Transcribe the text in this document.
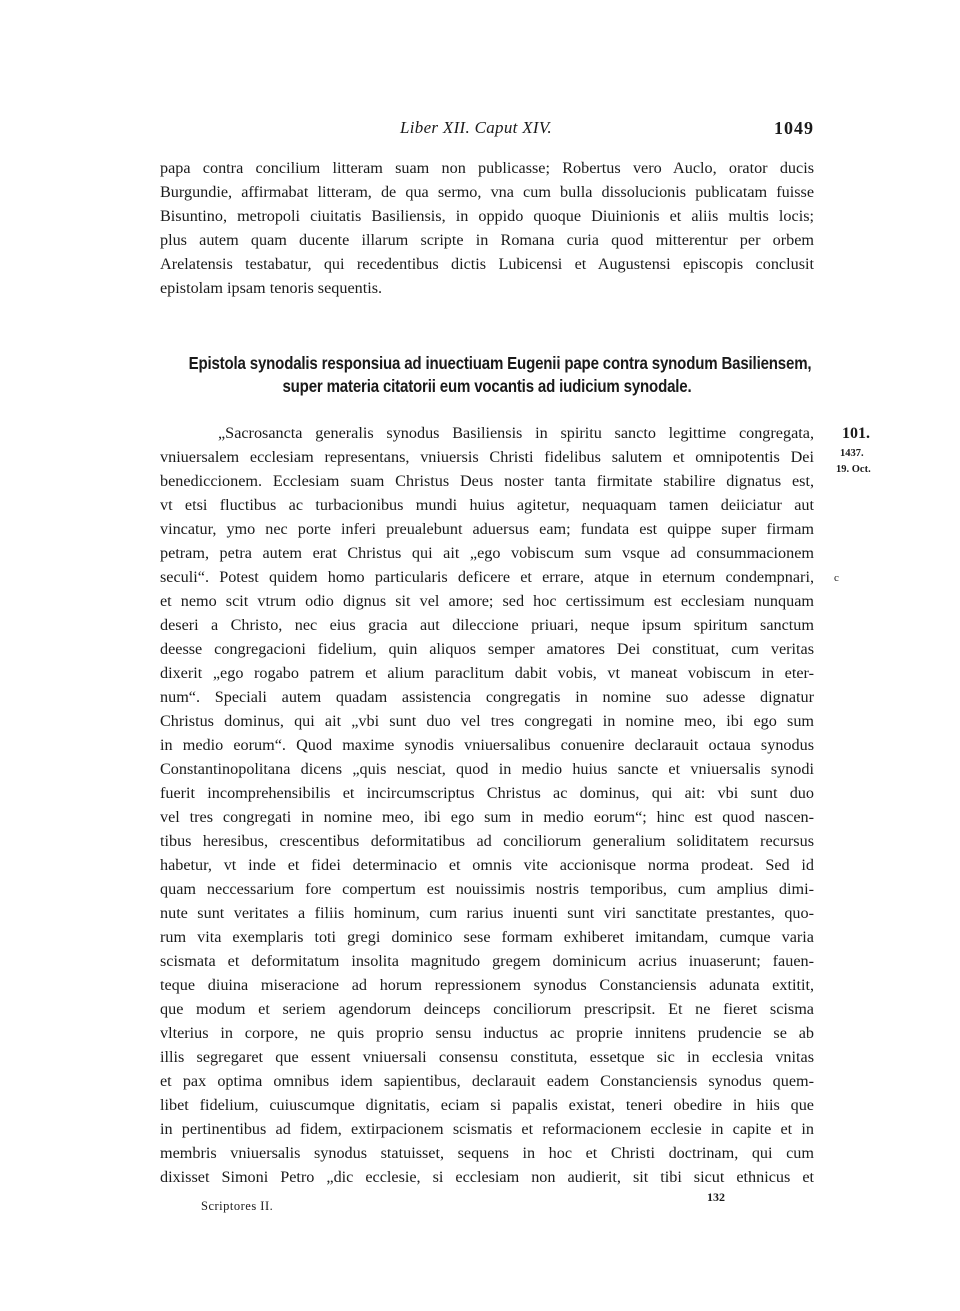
Liber XII. Caput XIV.	1049
papa contra concilium litteram suam non publicasse; Robertus vero Auclo, orator ducis
Burgundie, affirmabat litteram, de qua sermo, vna cum bulla dissolucionis publicatam fuisse
Bisuntino, metropoli ciuitatis Basiliensis, in oppido quoque Diuinionis et aliis multis locis;
plus autem quam ducente illarum scripte in Romana curia quod mitterentur per orbem
Arelatensis testabatur, qui recedentibus dictis Lubicensi et Augustensi episcopis conclusit
epistolam ipsam tenoris sequentis.
Epistola synodalis responsiua ad inuectiuam Eugenii pape contra synodum Basiliensem,
super materia citatorii eum vocantis ad iudicium synodale.
„Sacrosancta generalis synodus Basiliensis in spiritu sancto legittime congregata,
vniuersalem ecclesiam representans, vniuersis Christi fidelibus salutem et omnipotentis Dei
benediccionem. Ecclesiam suam Christus Deus noster tanta firmitate stabilire dignatus est,
vt etsi fluctibus ac turbacionibus mundi huius agitetur, nequaquam tamen deiiciatur aut
vincatur, ymo nec porte inferi preualebunt aduersus eam; fundata est quippe super firmam
petram, petra autem erat Christus qui ait „ego vobiscum sum vsque ad consummacionem
seculi“. Potest quidem homo particularis deficere et errare, atque in eternum condempnari,
et nemo scit vtrum odio dignus sit vel amore; sed hoc certissimum est ecclesiam nunquam
deseri a Christo, nec eius gracia aut dileccione priuari, neque ipsum spiritum sanctum
deesse congregacioni fidelium, quin aliquos semper amatores Dei constituat, cum veritas
dixerit „ego rogabo patrem et alium paraclitum dabit vobis, vt maneat vobiscum in eter-
num“. Speciali autem quadam assistencia congregatis in nomine suo adesse dignatur
Christus dominus, qui ait „vbi sunt duo vel tres congregati in nomine meo, ibi ego sum
in medio eorum“. Quod maxime synodis vniuersalibus conuenire declarauit octaua synodus
Constantinopolitana dicens „quis nesciat, quod in medio huius sancte et vniuersalis synodi
fuerit incomprehensibilis et incircumscriptus Christus ac dominus, qui ait: vbi sunt duo
vel tres congregati in nomine meo, ibi ego sum in medio eorum“; hinc est quod nascen-
tibus heresibus, crescentibus deformitatibus ad conciliorum generalium soliditatem recursus
habetur, vt inde et fidei determinacio et omnis vite accionisque norma prodeat. Sed id
quam neccessarium fore compertum est nouissimis nostris temporibus, cum amplius dimi-
nute sunt veritates a filiis hominum, cum rarius inuenti sunt viri sanctitate prestantes, quo-
rum vita exemplaris toti gregi dominico sese formam exhiberet imitandam, cumque varia
scismata et deformitatum insolita magnitudo gregem dominicum acrius inuaserunt; fauen-
teque diuina miseracione ad horum repressionem synodus Constanciensis adunata extitit,
que modum et seriem agendorum deinceps conciliorum prescripsit. Et ne fieret scisma
vlterius in corpore, ne quis proprio sensu inductus ac proprie innitens prudencie se ab
illis segregaret que essent vniuersali consensu constituta, essetque sic in ecclesia vnitas
et pax optima omnibus idem sapientibus, declarauit eadem Constanciensis synodus quem-
libet fidelium, cuiuscumque dignitatis, eciam si papalis existat, teneri obedire in hiis que
in pertinentibus ad fidem, extirpacionem scismatis et reformacionem ecclesie in capite et in
membris vniuersalis synodus statuisset, sequens in hoc et Christi doctrinam, qui cum
dixisset Simoni Petro „dic ecclesie, si ecclesiam non audierit, sit tibi sicut ethnicus et
101.
1437.
19. Oct.
c
Scriptores II.
132
